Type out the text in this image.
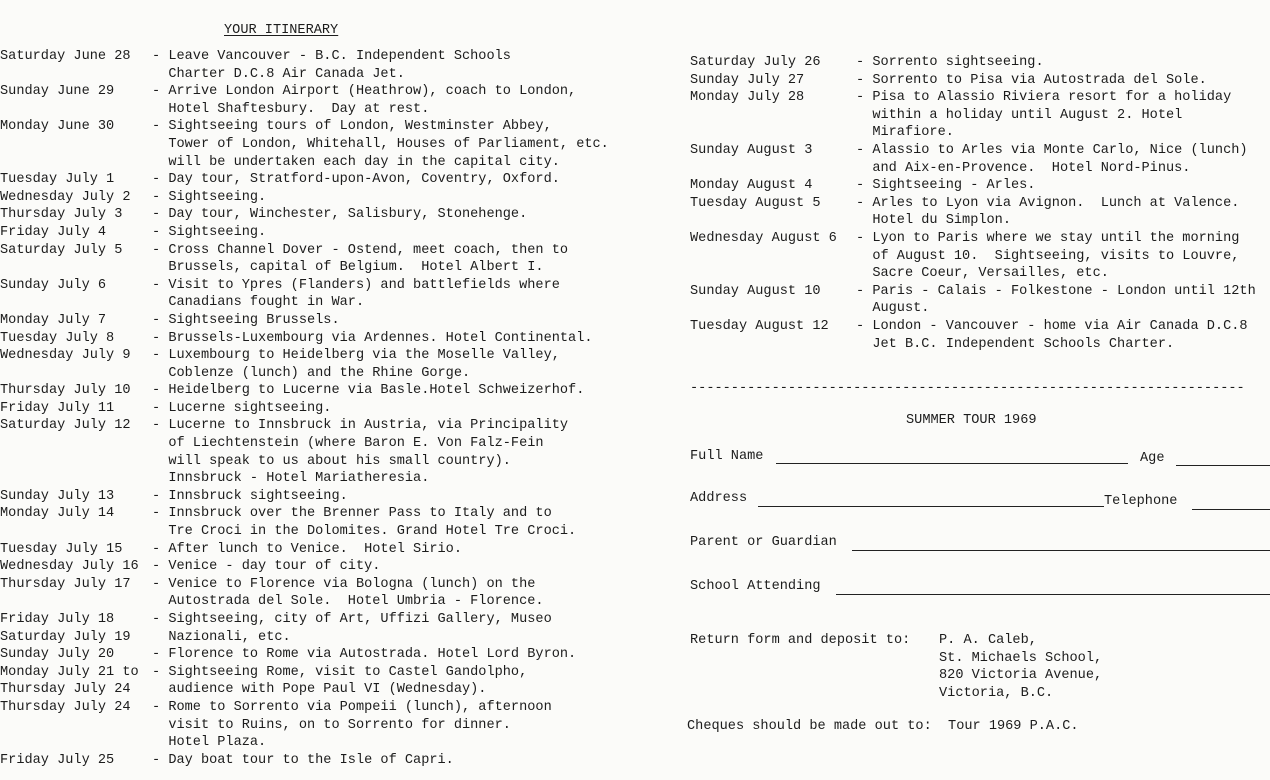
YOUR ITINERARY
Saturday June 28	- Leave Vancouver - B.C. Independent Schools
Charter D.C.8 Air Canada Jet.
Sunday June 29	- Arrive London Airport (Heathrow), coach to London,
Hotel Shaftesbury.  Day at rest.
Monday June 30	- Sightseeing tours of London, Westminster Abbey,
Tower of London, Whitehall, Houses of Parliament, etc.
will be undertaken each day in the capital city.
Tuesday July 1	- Day tour, Stratford-upon-Avon, Coventry, Oxford.
Wednesday July 2	- Sightseeing.
Thursday July 3	- Day tour, Winchester, Salisbury, Stonehenge.
Friday July 4	- Sightseeing.
Saturday July 5	- Cross Channel Dover - Ostend, meet coach, then to
Brussels, capital of Belgium.  Hotel Albert I.
Sunday July 6	- Visit to Ypres (Flanders) and battlefields where
Canadians fought in War.
Monday July 7	- Sightseeing Brussels.
Tuesday July 8	- Brussels-Luxembourg via Ardennes. Hotel Continental.
Wednesday July 9	- Luxembourg to Heidelberg via the Moselle Valley,
Coblenze (lunch) and the Rhine Gorge.
Thursday July 10	- Heidelberg to Lucerne via Basle.Hotel Schweizerhof.
Friday July 11	- Lucerne sightseeing.
Saturday July 12	- Lucerne to Innsbruck in Austria, via Principality
of Liechtenstein (where Baron E. Von Falz-Fein
will speak to us about his small country).
Innsbruck - Hotel Mariatheresia.
Sunday July 13	- Innsbruck sightseeing.
Monday July 14	- Innsbruck over the Brenner Pass to Italy and to
Tre Croci in the Dolomites. Grand Hotel Tre Croci.
Tuesday July 15	- After lunch to Venice.  Hotel Sirio.
Wednesday July 16 - Venice - day tour of city.
Thursday July 17	- Venice to Florence via Bologna (lunch) on the
Autostrada del Sole.  Hotel Umbria - Florence.
Friday July 18	- Sightseeing, city of Art, Uffizi Gallery, Museo
Saturday July 19	Nazionali, etc.
Sunday July 20	- Florence to Rome via Autostrada. Hotel Lord Byron.
Monday July 21 to - Sightseeing Rome, visit to Castel Gandolpho,
Thursday July 24	audience with Pope Paul VI (Wednesday).
Thursday July 24	- Rome to Sorrento via Pompeii (lunch), afternoon
visit to Ruins, on to Sorrento for dinner.
Hotel Plaza.
Friday July 25	- Day boat tour to the Isle of Capri.
Saturday July 26	- Sorrento sightseeing.
Sunday July 27	- Sorrento to Pisa via Autostrada del Sole.
Monday July 28	- Pisa to Alassio Riviera resort for a holiday
within a holiday until August 2. Hotel
Mirafiore.
Sunday August 3	- Alassio to Arles via Monte Carlo, Nice (lunch)
and Aix-en-Provence.  Hotel Nord-Pinus.
Monday August 4	- Sightseeing - Arles.
Tuesday August 5	- Arles to Lyon via Avignon.  Lunch at Valence.
Hotel du Simplon.
Wednesday August 6	- Lyon to Paris where we stay until the morning
of August 10.  Sightseeing, visits to Louvre,
Sacre Coeur, Versailles, etc.
Sunday August 10	- Paris - Calais - Folkestone - London until 12th
August.
Tuesday August 12	- London - Vancouver - home via Air Canada D.C.8
Jet B.C. Independent Schools Charter.
--------------------------------------------------------------------
SUMMER TOUR 1969
Full Name	Age
Address	Telephone
Parent or Guardian
School Attending
Return form and deposit to: P. A. Caleb,
St. Michaels School,
820 Victoria Avenue,
Victoria, B.C.
Cheques should be made out to:  Tour 1969 P.A.C.
